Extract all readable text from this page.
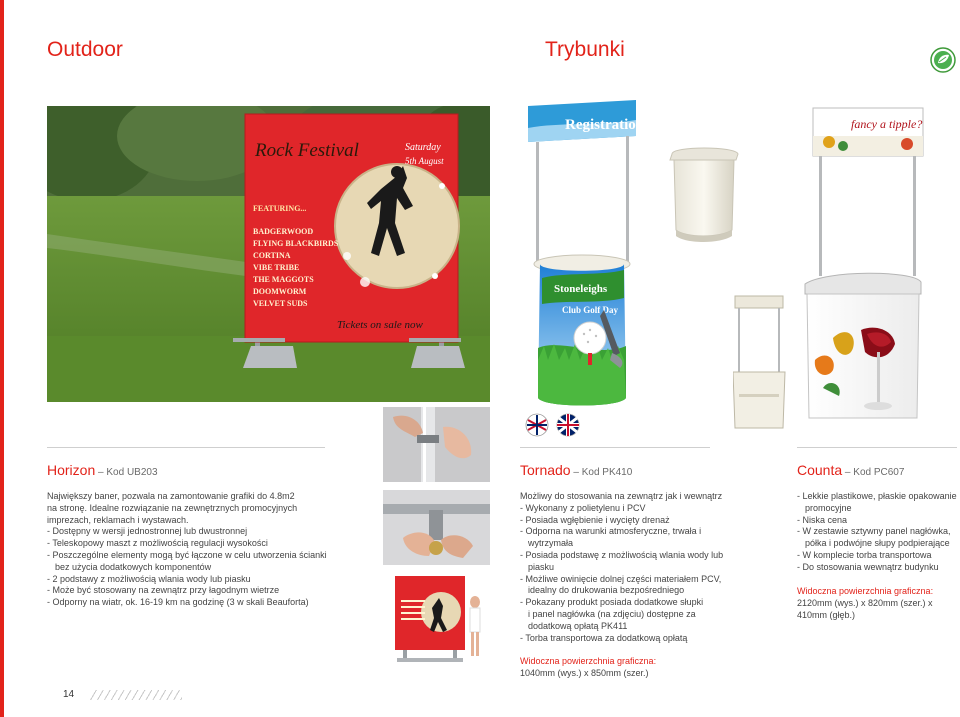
Outdoor	Trybunki
Rock Festival	Saturday
5th August
FEATURING...
BADGERWOOD
FLYING BLACKBIRDS
CORTINA
VIBE TRIBE
THE MAGGOTS
DOOMWORM
VELVET SUDS
Tickets on sale now
Registration
Stoneleighs
Club Golf Day
fancy a tipple?
Horizon – Kod UB203	Tornado – Kod PK410	Counta – Kod PC607
Największy baner, pozwala na zamontowanie grafiki do 4.8m2
na stronę. Idealne rozwiązanie na zewnętrznych promocyjnych
imprezach, reklamach i wystawach.
- Dostępny w wersji jednostronnej lub dwustronnej
- Teleskopowy maszt z możliwością regulacji wysokości
- Poszczególne elementy mogą być łączone w celu utworzenia ścianki
bez użycia dodatkowych komponentów
- 2 podstawy z możliwością wlania wody lub piasku
- Może być stosowany na zewnątrz przy łagodnym wietrze
- Odporny na wiatr, ok. 16-19 km na godzinę (3 w skali Beauforta)
Możliwy do stosowania na zewnątrz jak i wewnątrz
- Wykonany z polietylenu i PCV
- Posiada wgłębienie i wycięty drenaż
- Odporna na warunki atmosferyczne, trwała i
wytrzymała
- Posiada podstawę z możliwością wlania wody lub
piasku
- Możliwe owinięcie dolnej części materiałem PCV,
idealny do drukowania bezpośredniego
- Pokazany produkt posiada dodatkowe słupki
i panel nagłówka (na zdjęciu) dostępne za
dodatkową opłatą PK411
- Torba transportowa za dodatkową opłatą
Widoczna powierzchnia graficzna:
1040mm (wys.) x 850mm (szer.)
- Lekkie plastikowe, płaskie opakowanie
promocyjne
- Niska cena
- W zestawie sztywny panel nagłówka,
półka i podwójne słupy podpierające
- W komplecie torba transportowa
- Do stosowania wewnątrz budynku
Widoczna powierzchnia graficzna:
2120mm (wys.) x 820mm (szer.) x
410mm (głęb.)
14
